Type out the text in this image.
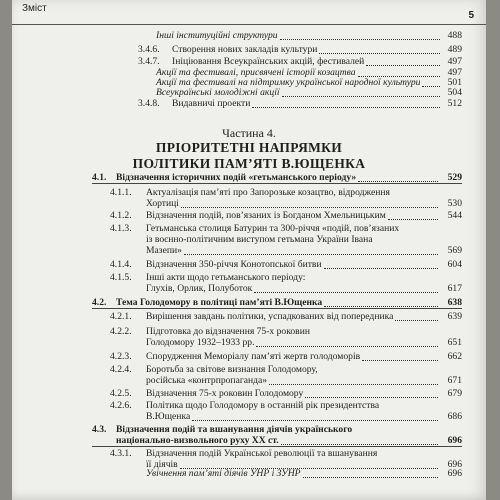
Зміст
5
Інші інституційні структури	488
3.4.6. Створення нових закладів культури	489
3.4.7. Ініціювання Всеукраїнських акцій, фестивалей	497
Акції та фестивалі, присвячені історії козацтва	497
Акції та фестивалі на підтримку української народної культури	501
Всеукраїнські молодіжні акції	504
3.4.8. Видавничі проекти	512
Частина 4.
ПРІОРИТЕТНІ НАПРЯМКИ
ПОЛІТИКИ ПАМ’ЯТІ В.ЮЩЕНКА
4.1. Відзначення історичних подій «гетьманського періоду»	529
4.1.1. Актуалізація пам’яті про Запорозьке козацтво, відродження
Хортиці	530
4.1.2. Відзначення подій, пов’язаних із Богданом Хмельницьким	544
4.1.3. Гетьманська столиця Батурин та 300-річчя «подій, пов’язаних
із воєнно-політичним виступом гетьмана України Івана
Мазепи»	569
4.1.4. Відзначення 350-річчя Конотопської битви	604
4.1.5. Інші акти щодо гетьманського періоду:
Глухів, Орлик, Полуботок	617
4.2. Тема Голодомору в політиці пам’яті В.Ющенка	638
4.2.1. Вирішення завдань політики, успадкованих від попередника	639
4.2.2. Підготовка до відзначення 75-х роковин
Голодомору 1932–1933 рр.	651
4.2.3. Спорудження Меморіалу пам’яті жертв голодоморів	662
4.2.4. Боротьба за світове визнання Голодомору,
російська «контрпропаганда»	671
4.2.5. Відзначення 75-х роковин Голодомору	679
4.2.6. Політика щодо Голодомору в останній рік президентства
В.Ющенка	686
4.3. Відзначення подій та вшанування діячів українського
національно-визвольного руху XX ст.	696
4.3.1. Відзначення подій Української революції та вшанування
її діячів	696
Увічнення пам’яті діячів УНР і ЗУНР	696
